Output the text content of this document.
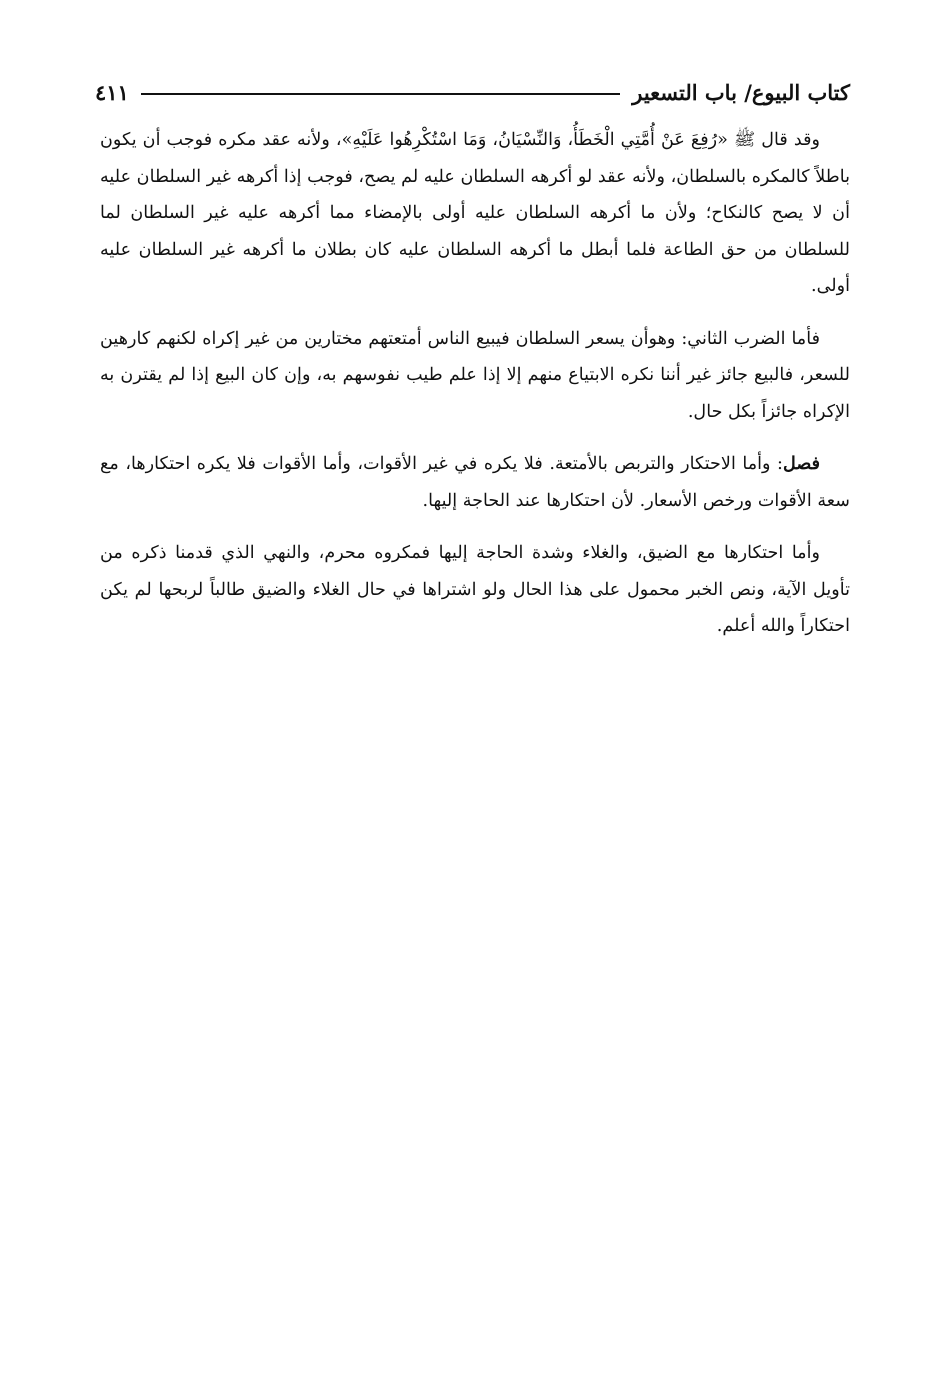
كتاب البيوع/ باب التسعير
٤١١

وقد قال ﷺ «رُفِعَ عَنْ أُمَّتِي الْخَطَأُ، وَالنِّسْيَانُ، وَمَا اسْتُكْرِهُوا عَلَيْهِ»، ولأنه عقد مكره فوجب أن يكون باطلاً كالمكره بالسلطان، ولأنه عقد لو أكرهه السلطان عليه لم يصح، فوجب إذا أكرهه غير السلطان عليه أن لا يصح كالنكاح؛ ولأن ما أكرهه السلطان عليه أولى بالإمضاء مما أكرهه عليه غير السلطان لما للسلطان من حق الطاعة فلما أبطل ما أكرهه السلطان عليه كان بطلان ما أكرهه غير السلطان عليه أولى.

فأما الضرب الثاني: وهوأن يسعر السلطان فيبيع الناس أمتعتهم مختارين من غير إكراه لكنهم كارهين للسعر، فالبيع جائز غير أننا نكره الابتياع منهم إلا إذا علم طيب نفوسهم به، وإن كان البيع إذا لم يقترن به الإكراه جائزاً بكل حال.

فصل: وأما الاحتكار والتربص بالأمتعة. فلا يكره في غير الأقوات، وأما الأقوات فلا يكره احتكارها، مع سعة الأقوات ورخص الأسعار. لأن احتكارها عند الحاجة إليها.

وأما احتكارها مع الضيق، والغلاء وشدة الحاجة إليها فمكروه محرم، والنهي الذي قدمنا ذكره من تأويل الآية، ونص الخبر محمول على هذا الحال ولو اشتراها في حال الغلاء والضيق طالباً لربحها لم يكن احتكاراً والله أعلم.
